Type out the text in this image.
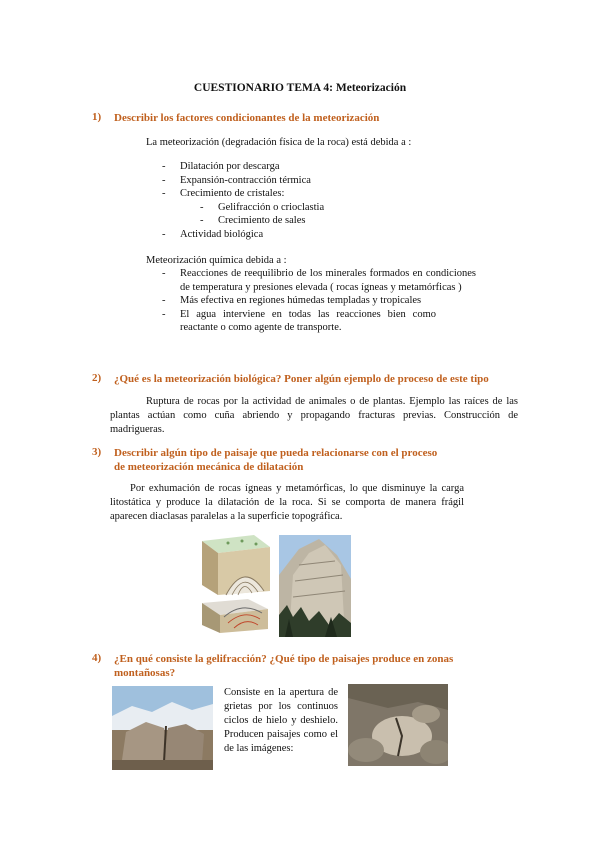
CUESTIONARIO TEMA 4: Meteorización
1) Describir los factores condicionantes de la meteorización
La meteorización (degradación física de la roca) está debida a :
- Dilatación por descarga
- Expansión-contracción térmica
- Crecimiento de cristales:
- Gelifracción o crioclastia
- Crecimiento de sales
- Actividad biológica
Meteorización química debida a :
- Reacciones de reequilibrio de los minerales formados en condiciones de temperatura y presiones elevada ( rocas ígneas y metamórficas )
- Más efectiva en regiones húmedas templadas y tropicales
- El agua interviene en todas las reacciones bien como reactante o como agente de transporte.
2) ¿Qué es la meteorización biológica? Poner algún ejemplo de proceso de este tipo
Ruptura de rocas por la actividad de animales o de plantas. Ejemplo las raíces de las plantas actúan como cuña abriendo y propagando fracturas previas. Construcción de madrigueras.
3) Describir algún tipo de paisaje que pueda relacionarse con el proceso de meteorización mecánica de dilatación
Por exhumación de rocas ígneas y metamórficas, lo que disminuye la carga litostática y produce la dilatación de la roca. Si se comporta de manera frágil aparecen diaclasas paralelas a la superficie topográfica.
4) ¿En qué consiste la gelifracción? ¿Qué tipo de paisajes produce en zonas montañosas?
Consiste en la apertura de grietas por los continuos ciclos de hielo y deshielo. Producen paisajes como el de las imágenes:
